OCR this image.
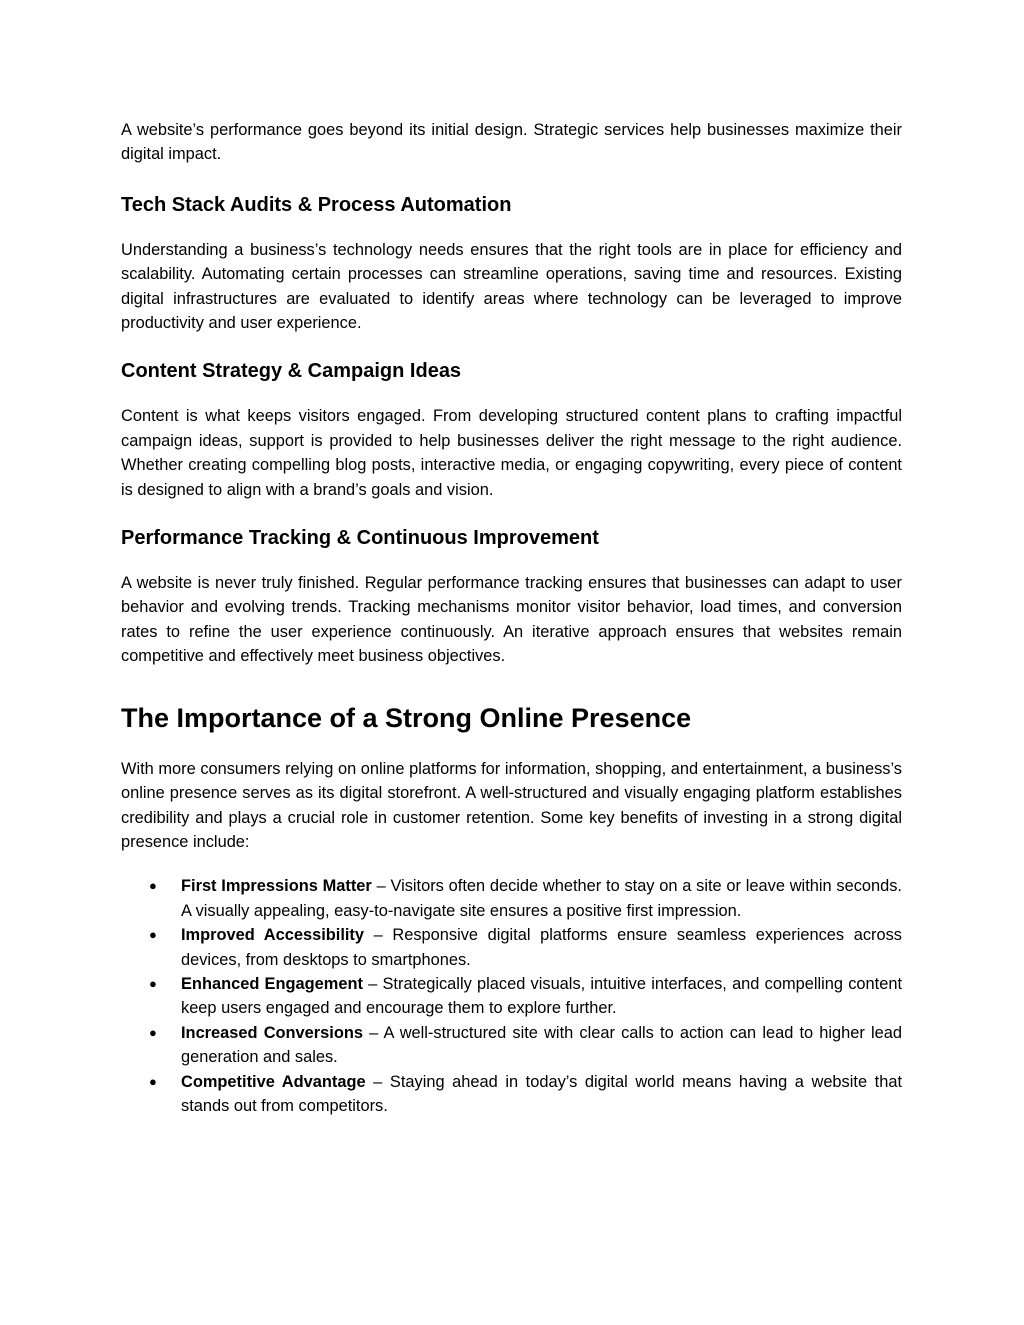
A website’s performance goes beyond its initial design. Strategic services help businesses maximize their digital impact.

Tech Stack Audits & Process Automation

Understanding a business’s technology needs ensures that the right tools are in place for efficiency and scalability. Automating certain processes can streamline operations, saving time and resources. Existing digital infrastructures are evaluated to identify areas where technology can be leveraged to improve productivity and user experience.

Content Strategy & Campaign Ideas

Content is what keeps visitors engaged. From developing structured content plans to crafting impactful campaign ideas, support is provided to help businesses deliver the right message to the right audience. Whether creating compelling blog posts, interactive media, or engaging copywriting, every piece of content is designed to align with a brand’s goals and vision.

Performance Tracking & Continuous Improvement

A website is never truly finished. Regular performance tracking ensures that businesses can adapt to user behavior and evolving trends. Tracking mechanisms monitor visitor behavior, load times, and conversion rates to refine the user experience continuously. An iterative approach ensures that websites remain competitive and effectively meet business objectives.

The Importance of a Strong Online Presence

With more consumers relying on online platforms for information, shopping, and entertainment, a business’s online presence serves as its digital storefront. A well-structured and visually engaging platform establishes credibility and plays a crucial role in customer retention. Some key benefits of investing in a strong digital presence include:

● First Impressions Matter – Visitors often decide whether to stay on a site or leave within seconds. A visually appealing, easy-to-navigate site ensures a positive first impression.
● Improved Accessibility – Responsive digital platforms ensure seamless experiences across devices, from desktops to smartphones.
● Enhanced Engagement – Strategically placed visuals, intuitive interfaces, and compelling content keep users engaged and encourage them to explore further.
● Increased Conversions – A well-structured site with clear calls to action can lead to higher lead generation and sales.
● Competitive Advantage – Staying ahead in today’s digital world means having a website that stands out from competitors.
